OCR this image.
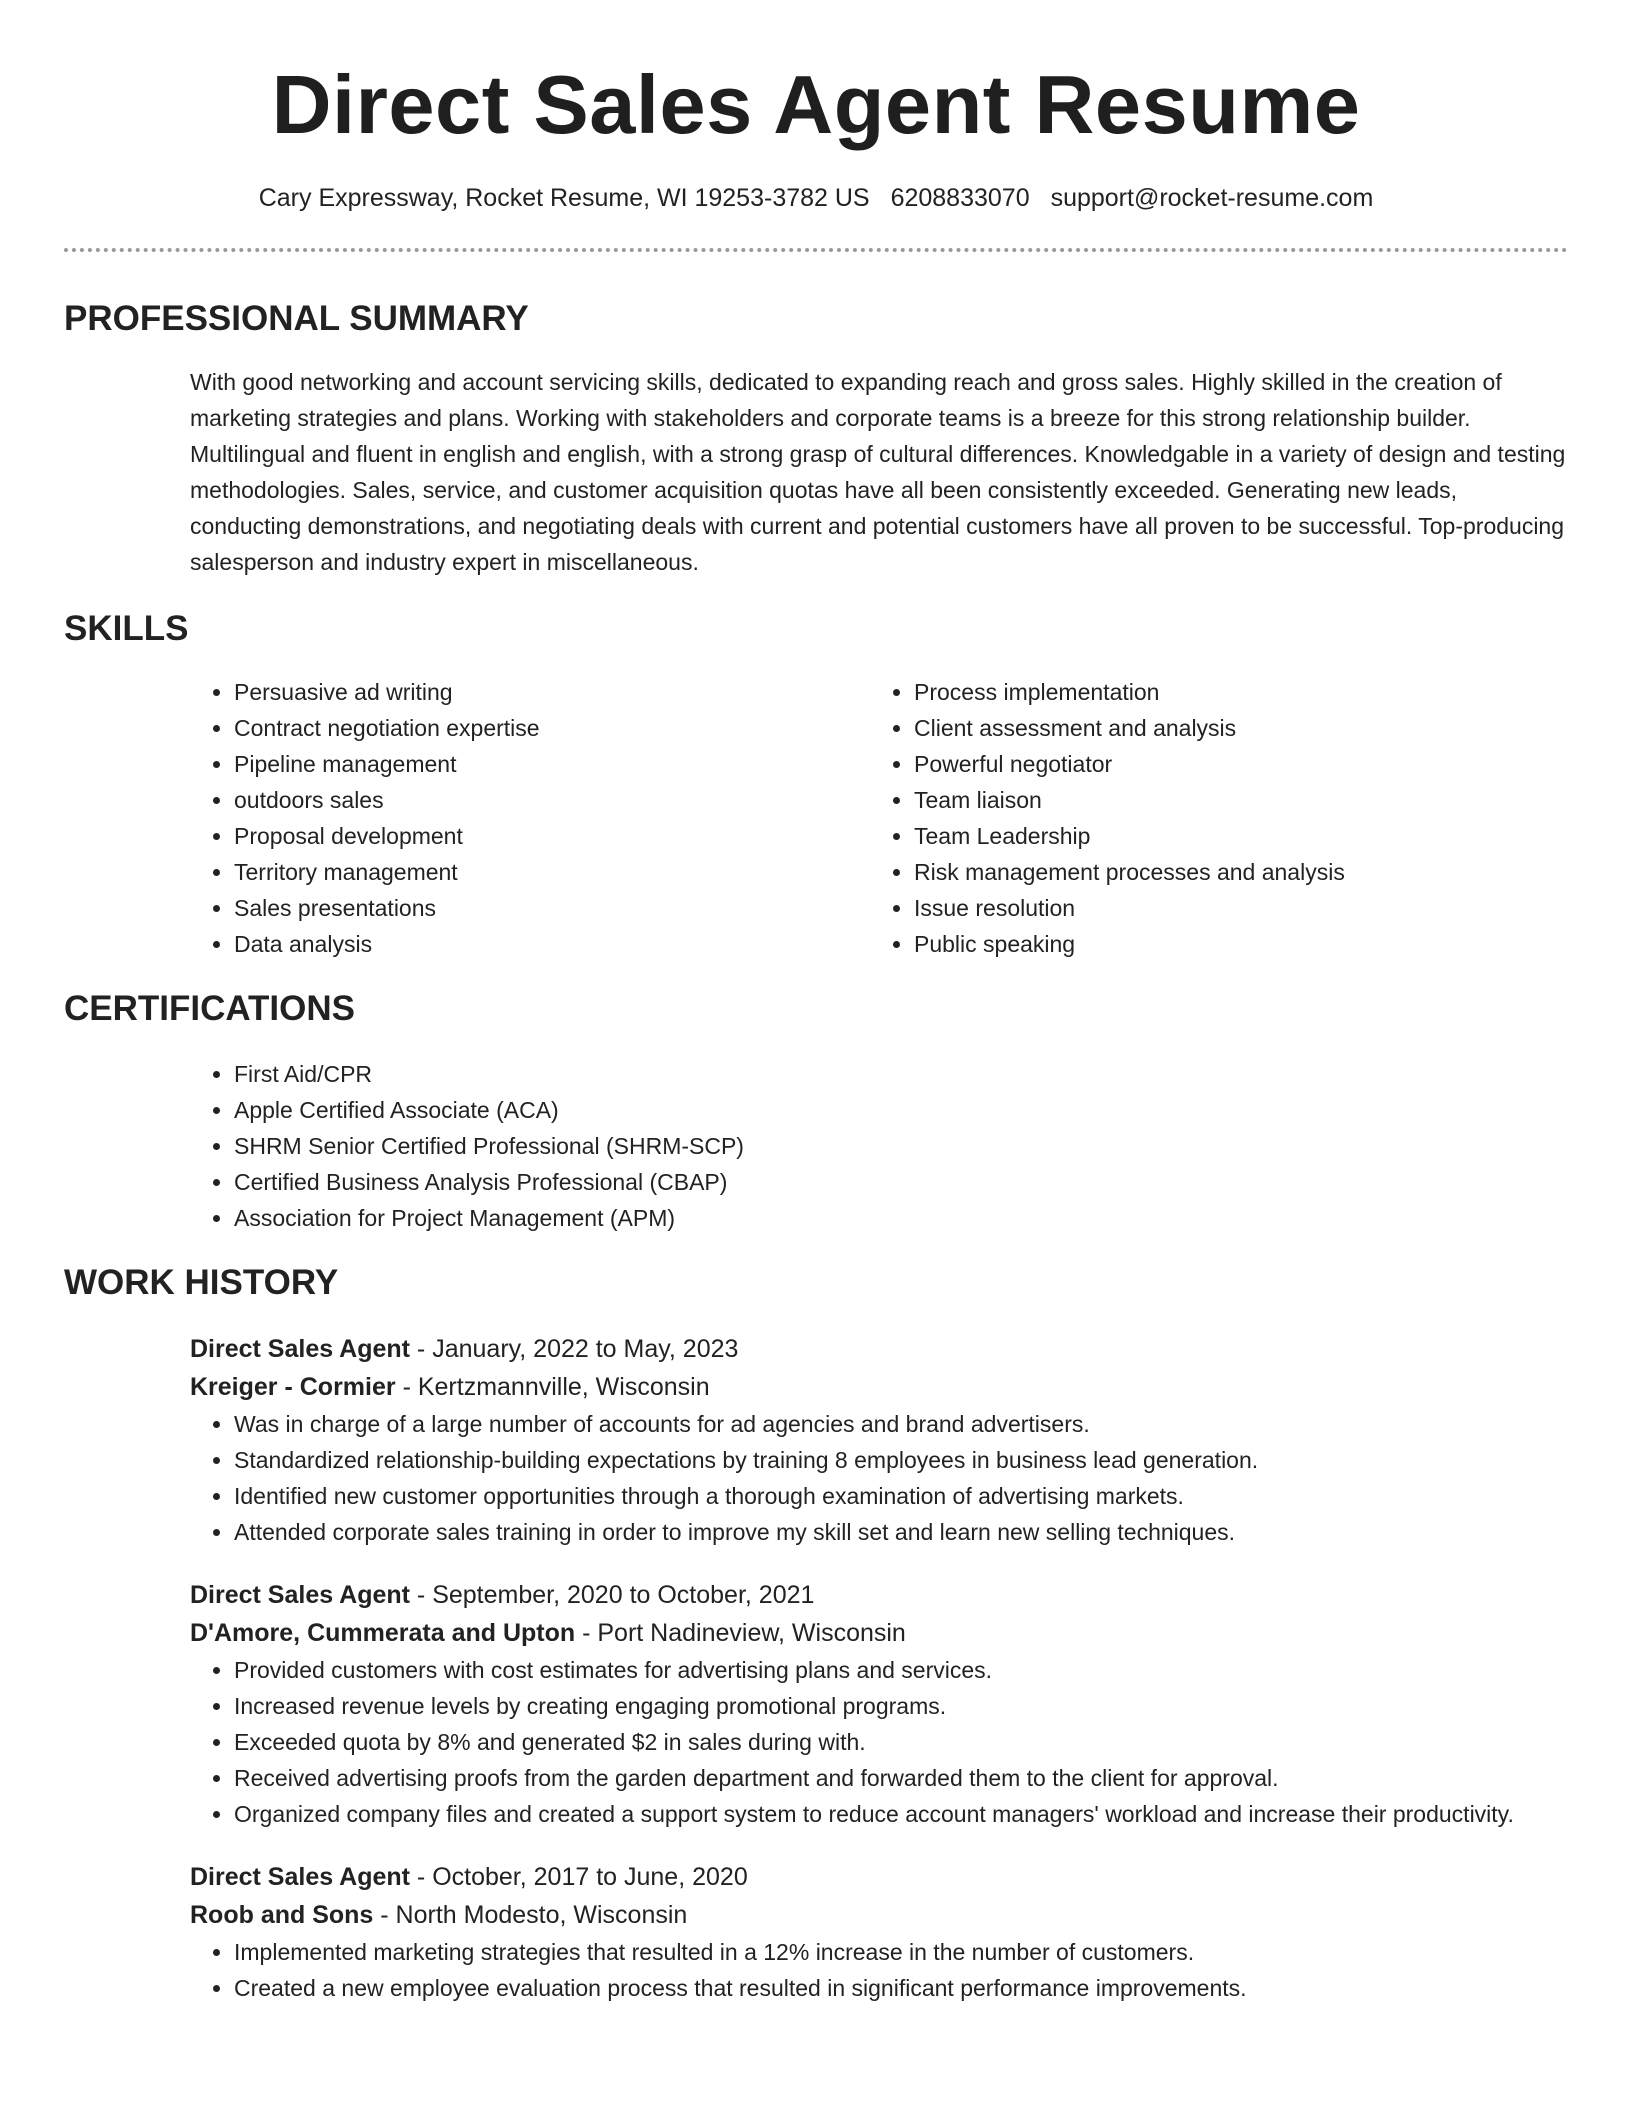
Direct Sales Agent Resume
Cary Expressway, Rocket Resume, WI 19253-3782 US 6208833070 support@rocket-resume.com
PROFESSIONAL SUMMARY

With good networking and account servicing skills, dedicated to expanding reach and gross sales. Highly skilled in the creation of marketing strategies and plans. Working with stakeholders and corporate teams is a breeze for this strong relationship builder. Multilingual and fluent in english and english, with a strong grasp of cultural differences. Knowledgable in a variety of design and testing methodologies. Sales, service, and customer acquisition quotas have all been consistently exceeded. Generating new leads, conducting demonstrations, and negotiating deals with current and potential customers have all proven to be successful. Top-producing salesperson and industry expert in miscellaneous.

SKILLS
• Persuasive ad writing
• Contract negotiation expertise
• Pipeline management
• outdoors sales
• Proposal development
• Territory management
• Sales presentations
• Data analysis
• Process implementation
• Client assessment and analysis
• Powerful negotiator
• Team liaison
• Team Leadership
• Risk management processes and analysis
• Issue resolution
• Public speaking
CERTIFICATIONS
• First Aid/CPR
• Apple Certified Associate (ACA)
• SHRM Senior Certified Professional (SHRM-SCP)
• Certified Business Analysis Professional (CBAP)
• Association for Project Management (APM)
WORK HISTORY
Direct Sales Agent - January, 2022 to May, 2023
Kreiger - Cormier - Kertzmannville, Wisconsin
• Was in charge of a large number of accounts for ad agencies and brand advertisers.
• Standardized relationship-building expectations by training 8 employees in business lead generation.
• Identified new customer opportunities through a thorough examination of advertising markets.
• Attended corporate sales training in order to improve my skill set and learn new selling techniques.
Direct Sales Agent - September, 2020 to October, 2021
D'Amore, Cummerata and Upton - Port Nadineview, Wisconsin
• Provided customers with cost estimates for advertising plans and services.
• Increased revenue levels by creating engaging promotional programs.
• Exceeded quota by 8% and generated $2 in sales during with.
• Received advertising proofs from the garden department and forwarded them to the client for approval.
• Organized company files and created a support system to reduce account managers' workload and increase their productivity.
Direct Sales Agent - October, 2017 to June, 2020
Roob and Sons - North Modesto, Wisconsin
• Implemented marketing strategies that resulted in a 12% increase in the number of customers.
• Created a new employee evaluation process that resulted in significant performance improvements.
